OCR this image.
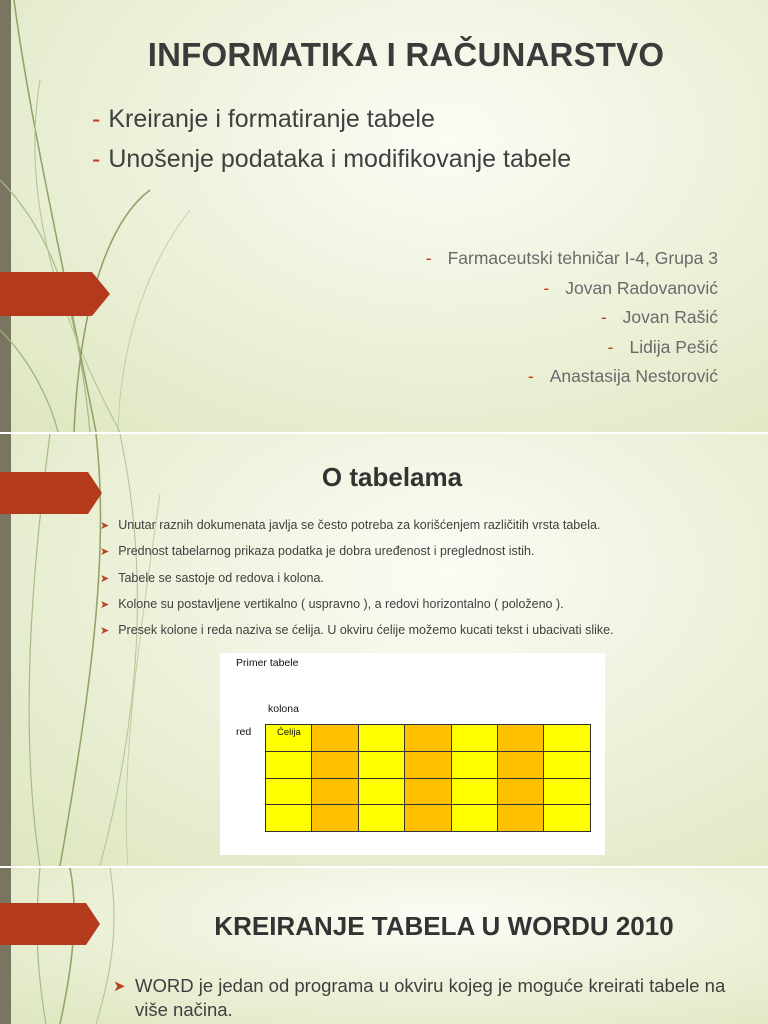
INFORMATIKA I RAČUNARSTVO
- Kreiranje i formatiranje tabele
- Unošenje podataka i modifikovanje tabele
- Farmaceutski tehničar I-4, Grupa 3
- Jovan Radovanović
- Jovan Rašić
- Lidija Pešić
- Anastasija Nestorović
O tabelama
➤ Unutar raznih dokumenata javlja se često potreba za korišćenjem različitih vrsta tabela.
➤ Prednost tabelarnog prikaza podatka je dobra uređenost i preglednost istih.
➤ Tabele se sastoje od redova i kolona.
➤ Kolone su postavljene vertikalno ( uspravno ), a redovi horizontalno ( položeno ).
➤ Presek kolone i reda naziva se ćelija. U okviru ćelije možemo kucati tekst i ubacivati slike.
Primer tabele
kolona
red	Ćelija						

KREIRANJE TABELA U WORDU 2010
➤ WORD je jedan od programa u okviru kojeg je moguće kreirati tabele na više načina.
